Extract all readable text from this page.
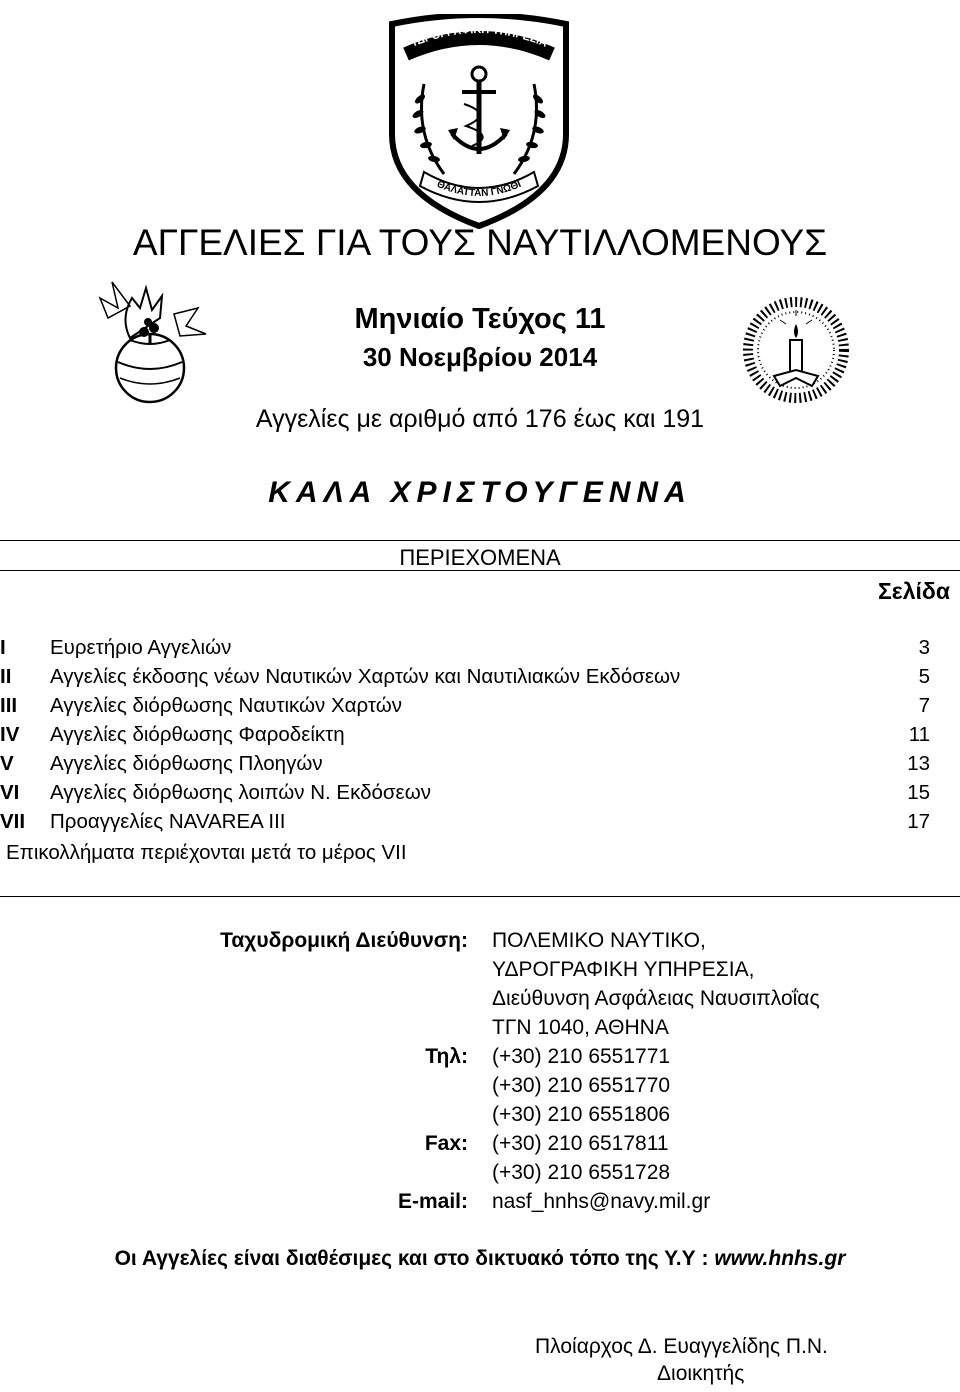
ΥΔΡΟΓΡΑΦΙΚΗ ΥΠΗΡΕΣΙΑ
ΘΑΛΑΤΤΑΝ ΓΝΩΘΙ
ΑΓΓΕΛΙΕΣ ΓΙΑ ΤΟΥΣ ΝΑΥΤΙΛΛΟΜΕΝΟΥΣ
Μηνιαίο Τεύχος 11
30 Νοεμβρίου 2014
Αγγελίες με αριθμό από 176 έως και 191
ΚΑΛΑ ΧΡΙΣΤΟΥΓΕΝΝΑ
ΠΕΡΙΕΧΟΜΕΝΑ
Σελίδα
I Ευρετήριο Αγγελιών	3
II Αγγελίες έκδοσης νέων Ναυτικών Χαρτών και Ναυτιλιακών Εκδόσεων	5
III Αγγελίες διόρθωσης Ναυτικών Χαρτών	7
IV Αγγελίες διόρθωσης Φαροδείκτη	11
V Αγγελίες διόρθωσης Πλοηγών	13
VI Αγγελίες διόρθωσης λοιπών Ν. Εκδόσεων	15
VII Προαγγελίες NAVAREA III	17
Επικολλήματα περιέχονται μετά το μέρος VII
Ταχυδρομική Διεύθυνση: ΠΟΛΕΜΙΚΟ ΝΑΥΤΙΚΟ,
ΥΔΡΟΓΡΑΦΙΚΗ ΥΠΗΡΕΣΙΑ,
Διεύθυνση Ασφάλειας Ναυσιπλοΐας
ΤΓΝ 1040, ΑΘΗΝΑ
Τηλ: (+30) 210 6551771
(+30) 210 6551770
(+30) 210 6551806
Fax: (+30) 210 6517811
(+30) 210 6551728
E-mail: nasf_hnhs@navy.mil.gr
Οι Αγγελίες είναι διαθέσιμες και στο δικτυακό τόπο της Υ.Υ : www.hnhs.gr
Πλοίαρχος Δ. Ευαγγελίδης Π.Ν.
Διοικητής
